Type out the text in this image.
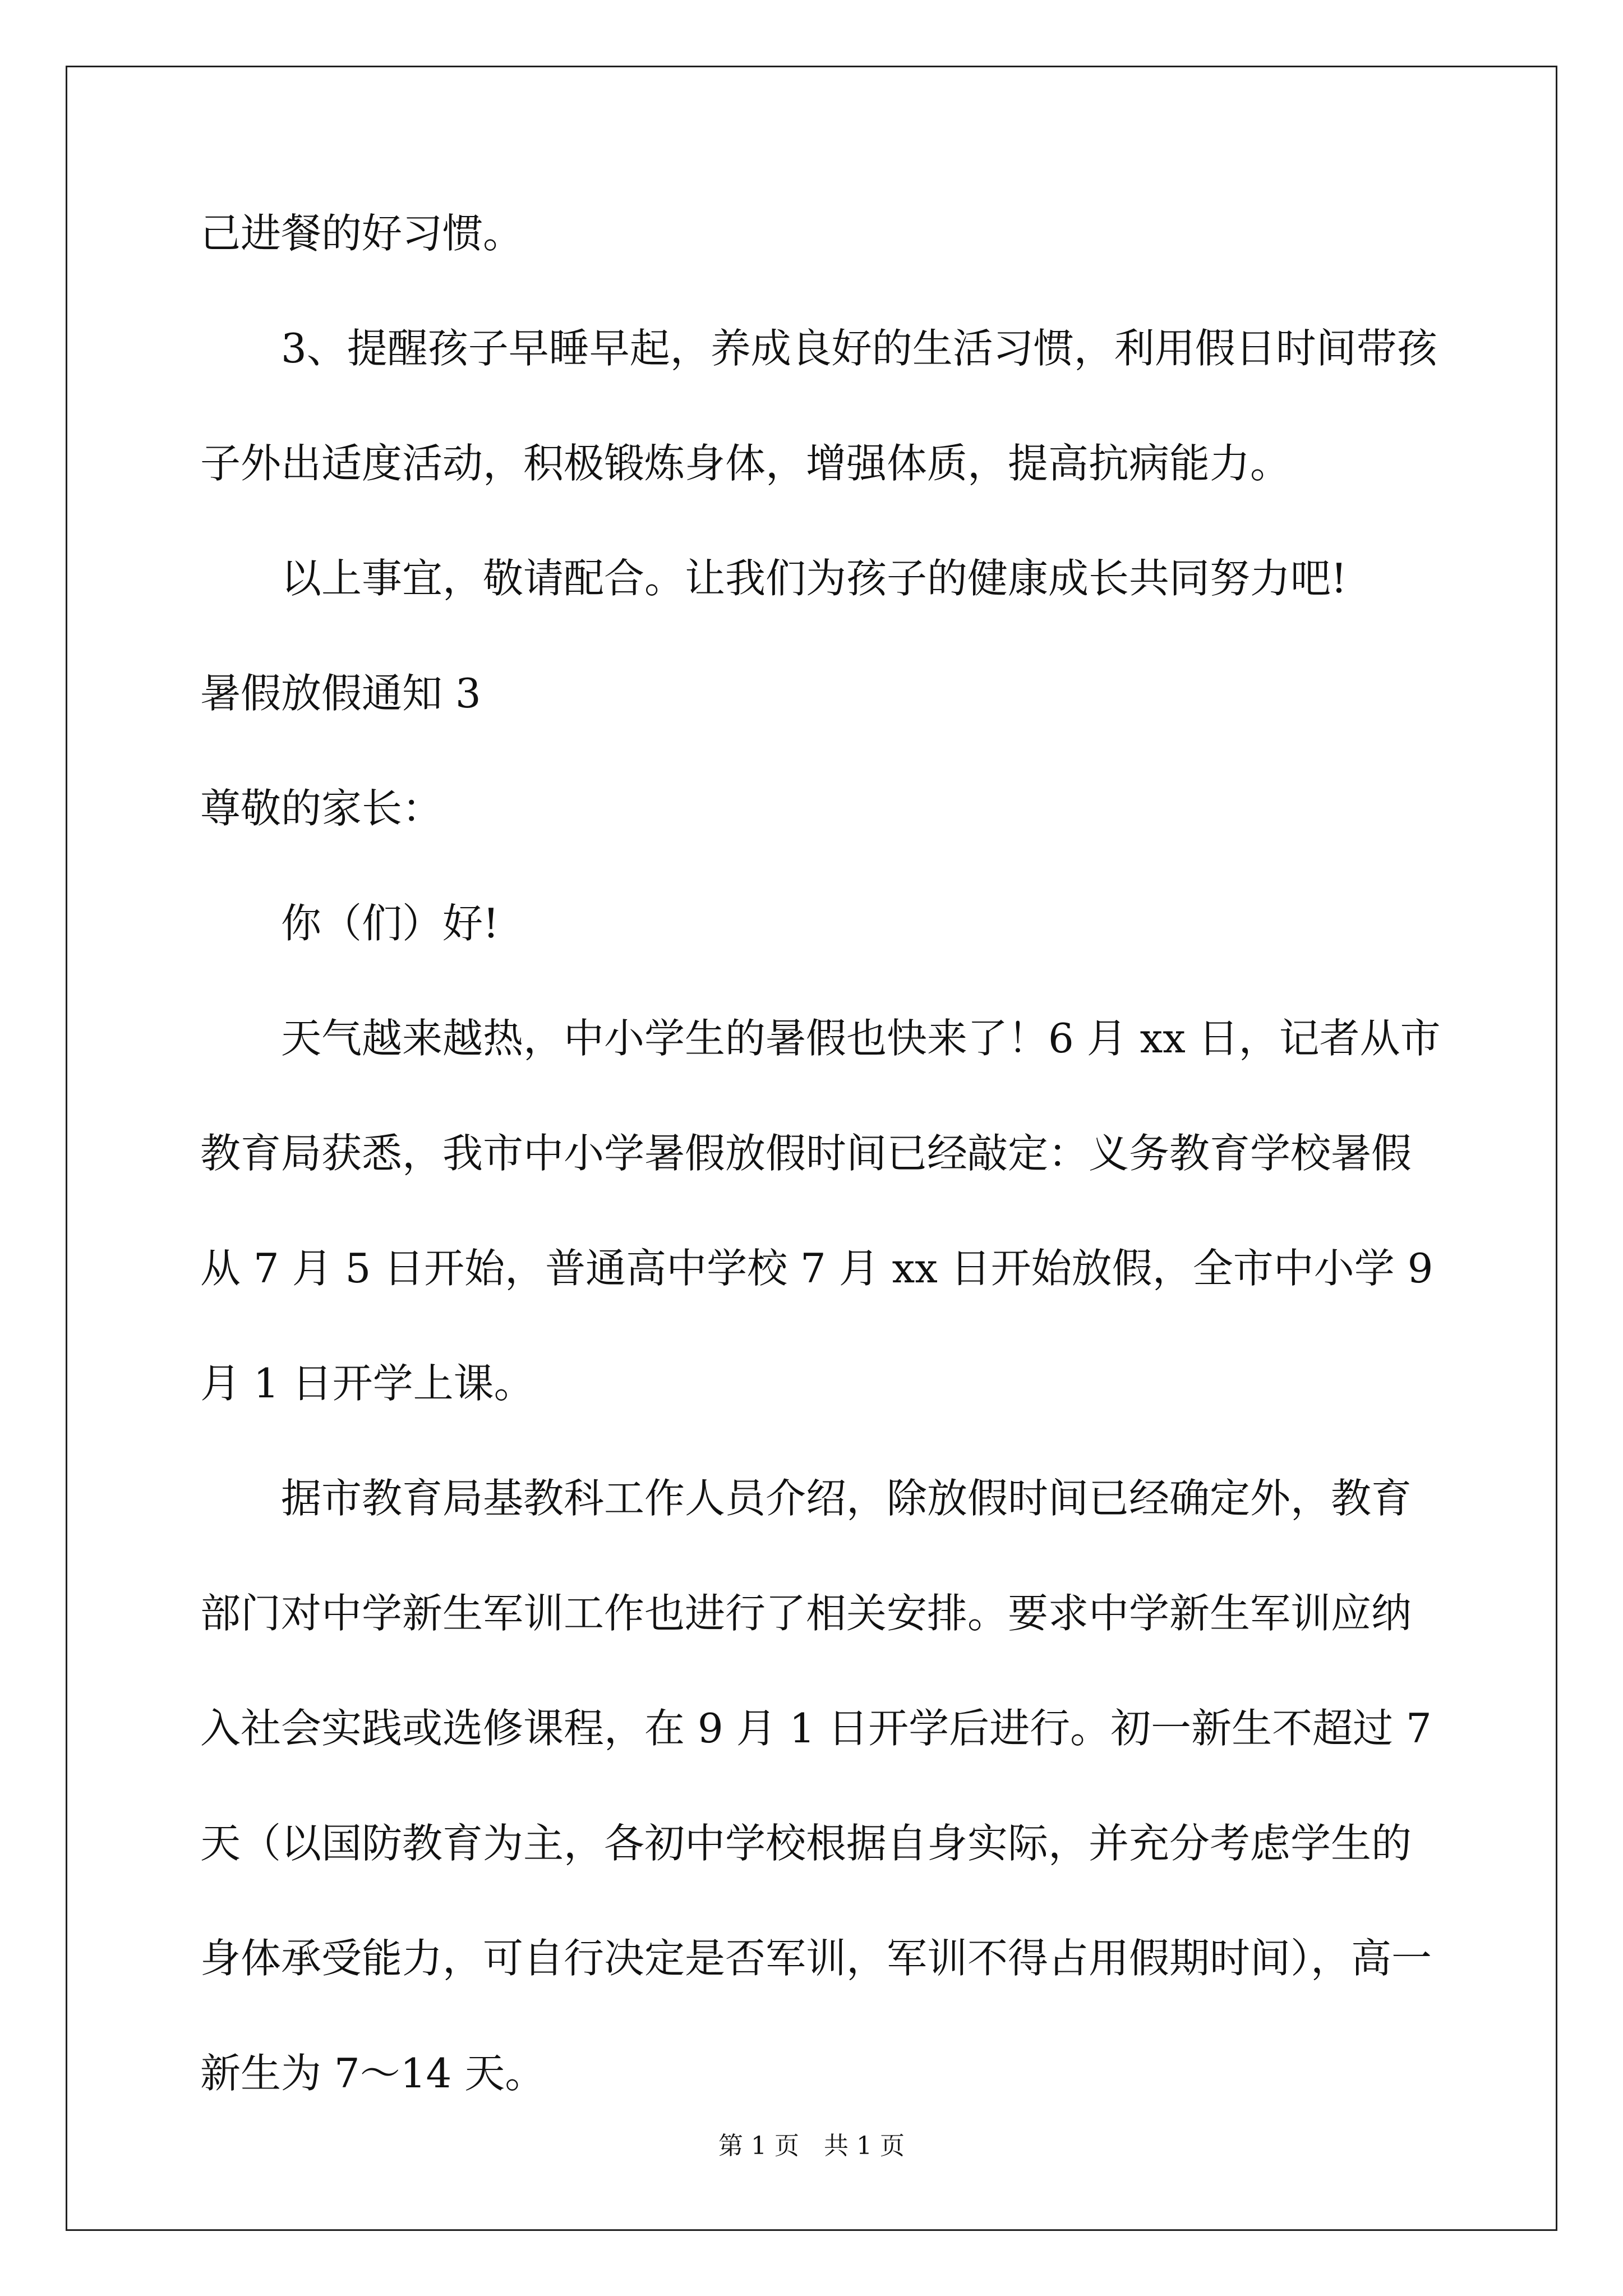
己进餐的好习惯。
3、提醒孩子早睡早起，养成良好的生活习惯，利用假日时间带孩
子外出适度活动，积极锻炼身体，增强体质，提高抗病能力。
以上事宜，敬请配合。让我们为孩子的健康成长共同努力吧!
暑假放假通知 3
尊敬的家长：
你（们）好!
天气越来越热，中小学生的暑假也快来了！6 月 xx 日，记者从市
教育局获悉，我市中小学暑假放假时间已经敲定：义务教育学校暑假
从 7 月 5 日开始，普通高中学校 7 月 xx 日开始放假，全市中小学 9
月 1 日开学上课。
据市教育局基教科工作人员介绍，除放假时间已经确定外，教育
部门对中学新生军训工作也进行了相关安排。要求中学新生军训应纳
入社会实践或选修课程，在 9 月 1 日开学后进行。初一新生不超过 7
天（以国防教育为主，各初中学校根据自身实际，并充分考虑学生的
身体承受能力，可自行决定是否军训，军训不得占用假期时间），高一
新生为 7～14 天。
第 1 页　共 1 页
